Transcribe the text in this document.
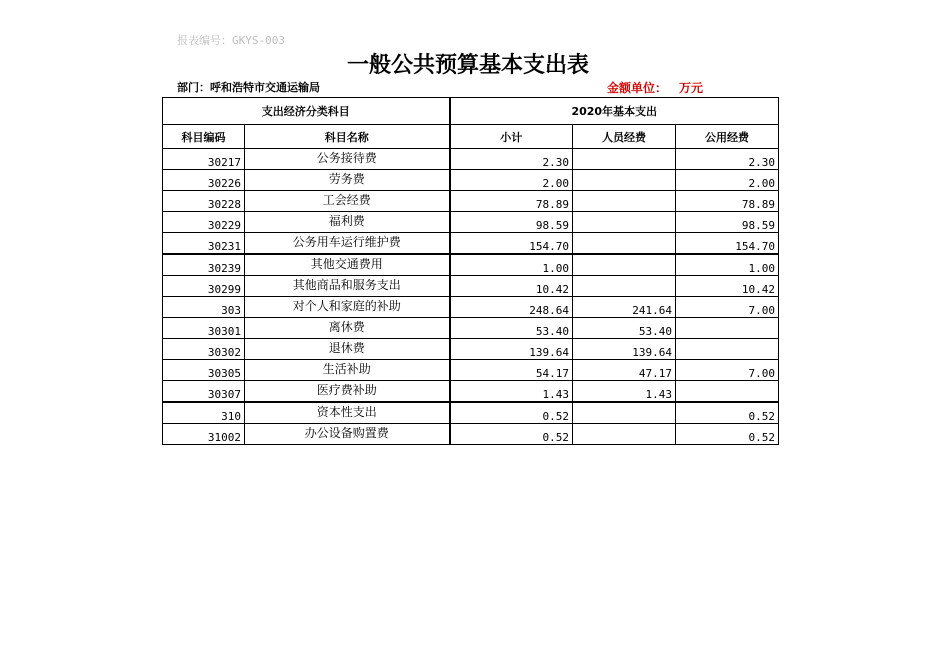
报表编号：GKYS-003
一般公共预算基本支出表
部门：呼和浩特市交通运输局	金额单位： 万元
支出经济分类科目		2020年基本支出		
科目编码	科目名称	小计	人员经费	公用经费
30217	公务接待费	2.30		2.30
30226	劳务费	2.00		2.00
30228	工会经费	78.89		78.89
30229	福利费	98.59		98.59
30231	公务用车运行维护费	154.70		154.70
30239	其他交通费用	1.00		1.00
30299	其他商品和服务支出	10.42		10.42
303	对个人和家庭的补助	248.64	241.64	7.00
30301	离休费	53.40	53.40	
30302	退休费	139.64	139.64	
30305	生活补助	54.17	47.17	7.00
30307	医疗费补助	1.43	1.43	
310	资本性支出	0.52		0.52
31002	办公设备购置费	0.52		0.52
